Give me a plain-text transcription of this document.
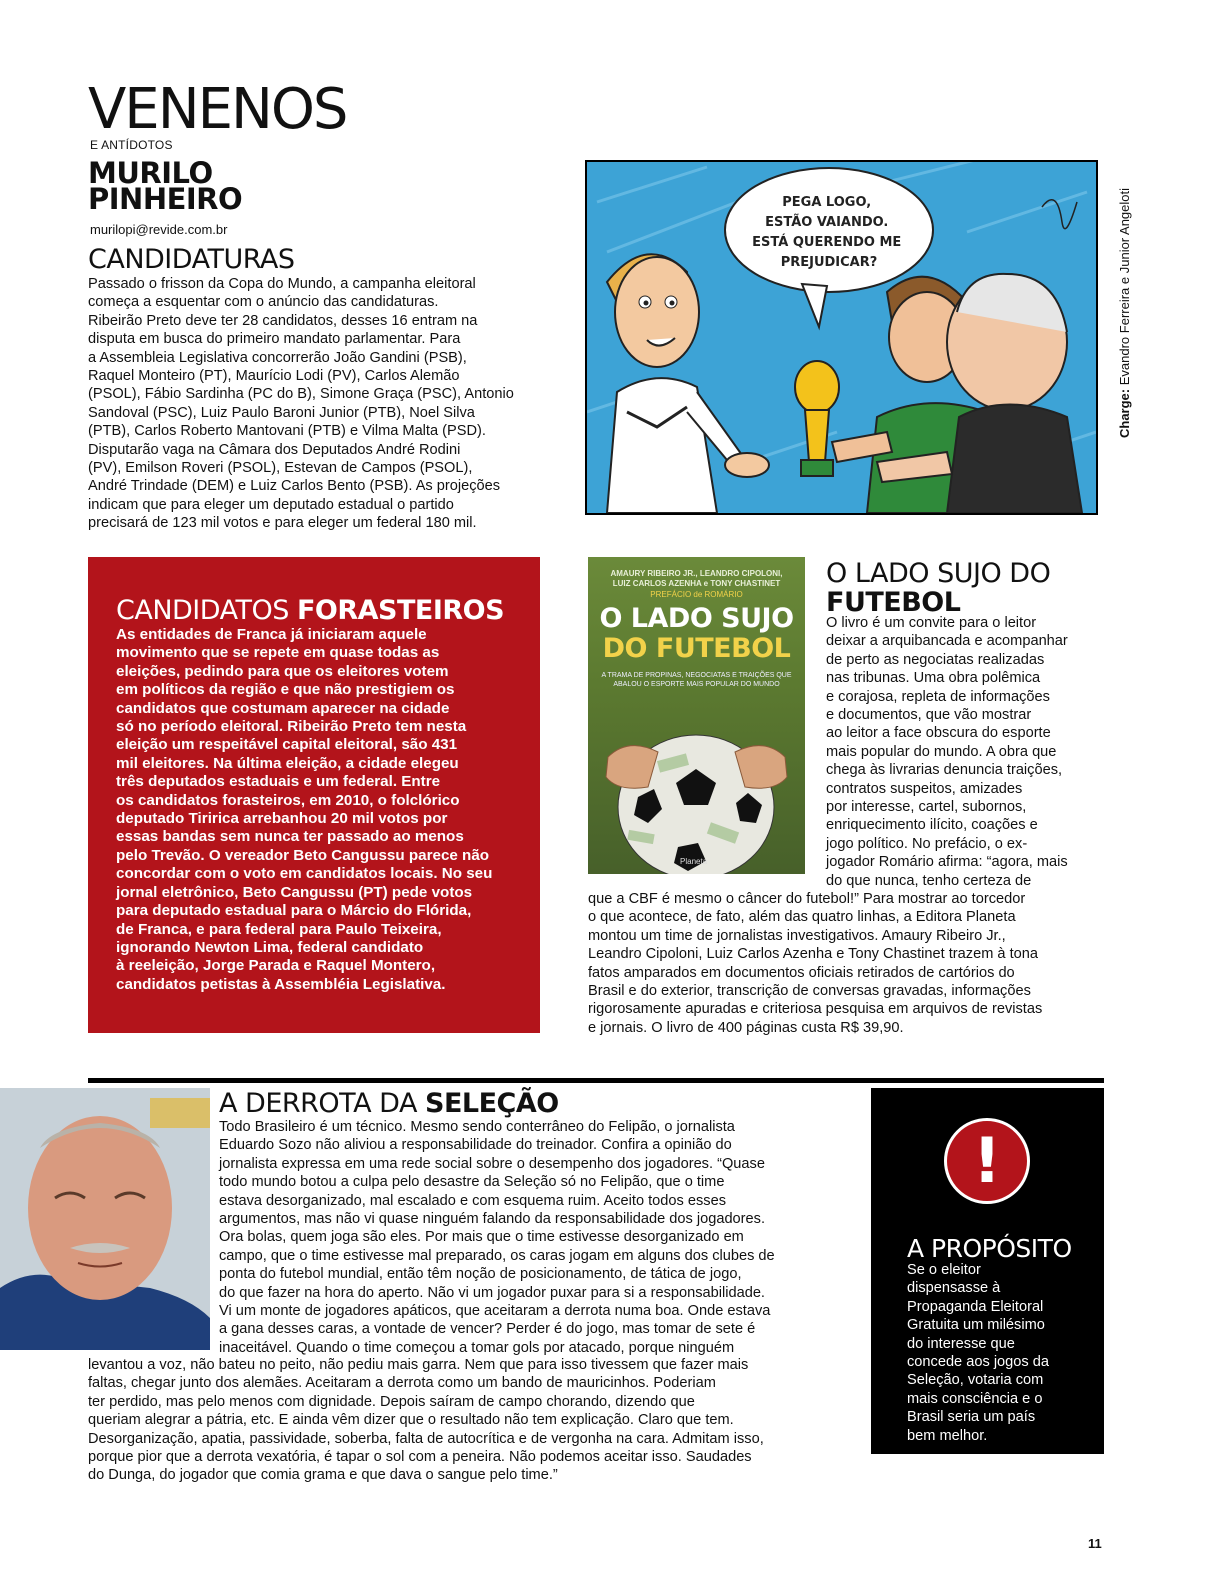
VENENOS
E ANTÍDOTOS
MURILO
PINHEIRO
murilopi@revide.com.br
CANDIDATURAS
Passado o frisson da Copa do Mundo, a campanha eleitoral
começa a esquentar com o anúncio das candidaturas.
Ribeirão Preto deve ter 28 candidatos, desses 16 entram na
disputa em busca do primeiro mandato parlamentar. Para
a Assembleia Legislativa concorrerão João Gandini (PSB),
Raquel Monteiro (PT), Maurício Lodi (PV), Carlos Alemão
(PSOL), Fábio Sardinha (PC do B), Simone Graça (PSC), Antonio
Sandoval (PSC), Luiz Paulo Baroni Junior (PTB), Noel Silva
(PTB), Carlos Roberto Mantovani (PTB) e Vilma Malta (PSD).
Disputarão vaga na Câmara dos Deputados André Rodini
(PV), Emilson Roveri (PSOL), Estevan de Campos (PSOL),
André Trindade (DEM) e Luiz Carlos Bento (PSB). As projeções
indicam que para eleger um deputado estadual o partido
precisará de 123 mil votos e para eleger um federal 180 mil.
PEGA LOGO, ESTÃO VAIANDO. ESTÁ QUERENDO ME PREJUDICAR?
Charge: Evandro Ferreira e Junior Angeloti
CANDIDATOS FORASTEIROS
As entidades de Franca já iniciaram aquele
movimento que se repete em quase todas as
eleições, pedindo para que os eleitores votem
em políticos da região e que não prestigiem os
candidatos que costumam aparecer na cidade
só no período eleitoral. Ribeirão Preto tem nesta
eleição um respeitável capital eleitoral, são 431
mil eleitores. Na última eleição, a cidade elegeu
três deputados estaduais e um federal. Entre
os candidatos forasteiros, em 2010, o folclórico
deputado Tiririca arrebanhou 20 mil votos por
essas bandas sem nunca ter passado ao menos
pelo Trevão. O vereador Beto Cangussu parece não
concordar com o voto em candidatos locais. No seu
jornal eletrônico, Beto Cangussu (PT) pede votos
para deputado estadual para o Márcio do Flórida,
de Franca, e para federal para Paulo Teixeira,
ignorando Newton Lima, federal candidato
à reeleição, Jorge Parada e Raquel Montero,
candidatos petistas à Assembléia Legislativa.
AMAURY RIBEIRO JR., LEANDRO CIPOLONI,
LUIZ CARLOS AZENHA e TONY CHASTINET
PREFÁCIO de ROMÁRIO
O LADO SUJO
DO FUTEBOL
A TRAMA DE PROPINAS, NEGOCIATAS E TRAIÇÕES QUE ABALOU O ESPORTE MAIS POPULAR DO MUNDO
Planeta
O LADO SUJO DO
FUTEBOL
O livro é um convite para o leitor
deixar a arquibancada e acompanhar
de perto as negociatas realizadas
nas tribunas. Uma obra polêmica
e corajosa, repleta de informações
e documentos, que vão mostrar
ao leitor a face obscura do esporte
mais popular do mundo. A obra que
chega às livrarias denuncia traições,
contratos suspeitos, amizades
por interesse, cartel, subornos,
enriquecimento ilícito, coações e
jogo político. No prefácio, o ex-
jogador Romário afirma: “agora, mais
do que nunca, tenho certeza de
que a CBF é mesmo o câncer do futebol!” Para mostrar ao torcedor
o que acontece, de fato, além das quatro linhas, a Editora Planeta
montou um time de jornalistas investigativos. Amaury Ribeiro Jr.,
Leandro Cipoloni, Luiz Carlos Azenha e Tony Chastinet trazem à tona
fatos amparados em documentos oficiais retirados de cartórios do
Brasil e do exterior, transcrição de conversas gravadas, informações
rigorosamente apuradas e criteriosa pesquisa em arquivos de revistas
e jornais. O livro de 400 páginas custa R$ 39,90.
A DERROTA DA SELEÇÃO
Todo Brasileiro é um técnico. Mesmo sendo conterrâneo do Felipão, o jornalista
Eduardo Sozo não aliviou a responsabilidade do treinador. Confira a opinião do
jornalista expressa em uma rede social sobre o desempenho dos jogadores. “Quase
todo mundo botou a culpa pelo desastre da Seleção só no Felipão, que o time
estava desorganizado, mal escalado e com esquema ruim. Aceito todos esses
argumentos, mas não vi quase ninguém falando da responsabilidade dos jogadores.
Ora bolas, quem joga são eles. Por mais que o time estivesse desorganizado em
campo, que o time estivesse mal preparado, os caras jogam em alguns dos clubes de
ponta do futebol mundial, então têm noção de posicionamento, de tática de jogo,
do que fazer na hora do aperto. Não vi um jogador puxar para si a responsabilidade.
Vi um monte de jogadores apáticos, que aceitaram a derrota numa boa. Onde estava
a gana desses caras, a vontade de vencer? Perder é do jogo, mas tomar de sete é
inaceitável. Quando o time começou a tomar gols por atacado, porque ninguém
levantou a voz, não bateu no peito, não pediu mais garra. Nem que para isso tivessem que fazer mais
faltas, chegar junto dos alemães. Aceitaram a derrota como um bando de mauricinhos. Poderiam
ter perdido, mas pelo menos com dignidade. Depois saíram de campo chorando, dizendo que
queriam alegrar a pátria, etc. E ainda vêm dizer que o resultado não tem explicação. Claro que tem.
Desorganização, apatia, passividade, soberba, falta de autocrítica e de vergonha na cara. Admitam isso,
porque pior que a derrota vexatória, é tapar o sol com a peneira. Não podemos aceitar isso. Saudades
do Dunga, do jogador que comia grama e que dava o sangue pelo time.”
!
A PROPÓSITO
Se o eleitor
dispensasse à
Propaganda Eleitoral
Gratuita um milésimo
do interesse que
concede aos jogos da
Seleção, votaria com
mais consciência e o
Brasil seria um país
bem melhor.
11
